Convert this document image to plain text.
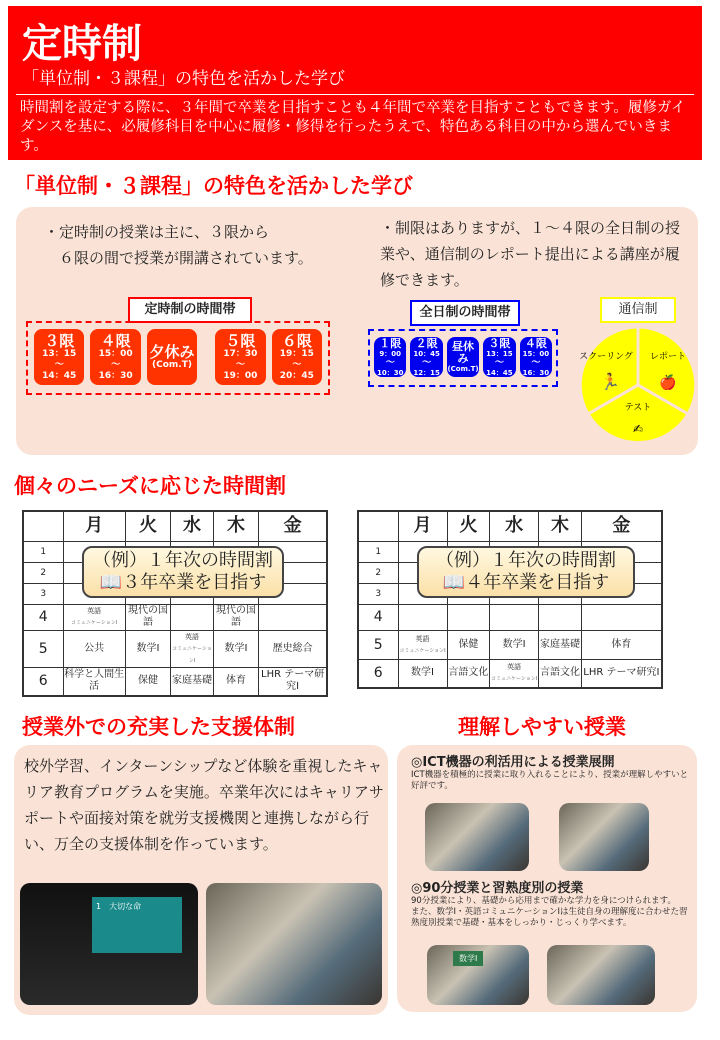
定時制
「単位制・３課程」の特色を活かした学び
時間割を設定する際に、３年間で卒業を目指すことも４年間で卒業を目指すこともできます。履修ガイダンスを基に、必履修科目を中心に履修・修得を行ったうえで、特色ある科目の中から選んでいきます。
「単位制・３課程」の特色を活かした学び
・定時制の授業は主に、３限から
　６限の間で授業が開講されています。
・制限はありますが、１～４限の全日制の授業や、通信制のレポート提出による講座が履修できます。
定時制の時間帯
３限
13：15
～
14：45
４限
15：00
～
16：30
夕休み
(Com.T)
５限
17：30
～
19：00
６限
19：15
～
20：45
全日制の時間帯
１限
9：00
～
10：30
２限
10：45
～
12：15
昼休み
(Com.T)
３限
13：15
～
14：45
４限
15：00
～
16：30
通信制
スクーリング レポート
テスト
🏃	🍎
✍
個々のニーズに応じた時間割
	月	火	水	木	金
1					
2					
3					
4	英語
コミュニケーションⅠ	現代の国語		現代の国語	
5	公共	数学Ⅰ	英語
コミュニケーションⅠ	数学Ⅰ	歴史総合
6	科学と人間生活	保健	家庭基礎	体育	LHR テーマ研究Ⅰ
（例）１年次の時間割
📖３年卒業を目指す
	月	火	水	木	金
1					
2					
3					
4					
5	英語
コミュニケーションⅠ	保健	数学Ⅰ	家庭基礎	体育
6	数学Ⅰ	言語文化	英語
コミュニケーションⅠ	言語文化	LHR テーマ研究Ⅰ
（例）１年次の時間割
📖４年卒業を目指す
授業外での充実した支援体制	理解しやすい授業
校外学習、インターンシップなど体験を重視したキャリア教育プログラムを実施。卒業年次にはキャリアサポートや面接対策を就労支援機関と連携しながら行い、万全の支援体制を作っています。
1　大切な命
◎ICT機器の利活用による授業展開
ICT機器を積極的に授業に取り入れることにより、授業が理解しやすいと好評です。
◎90分授業と習熟度別の授業
90分授業により、基礎から応用まで確かな学力を身につけられます。
また、数学Ⅰ・英語コミュニケーションⅠは生徒自身の理解度に合わせた習熟度別授業で基礎・基本をしっかり・じっくり学べます。
数学Ⅰ
